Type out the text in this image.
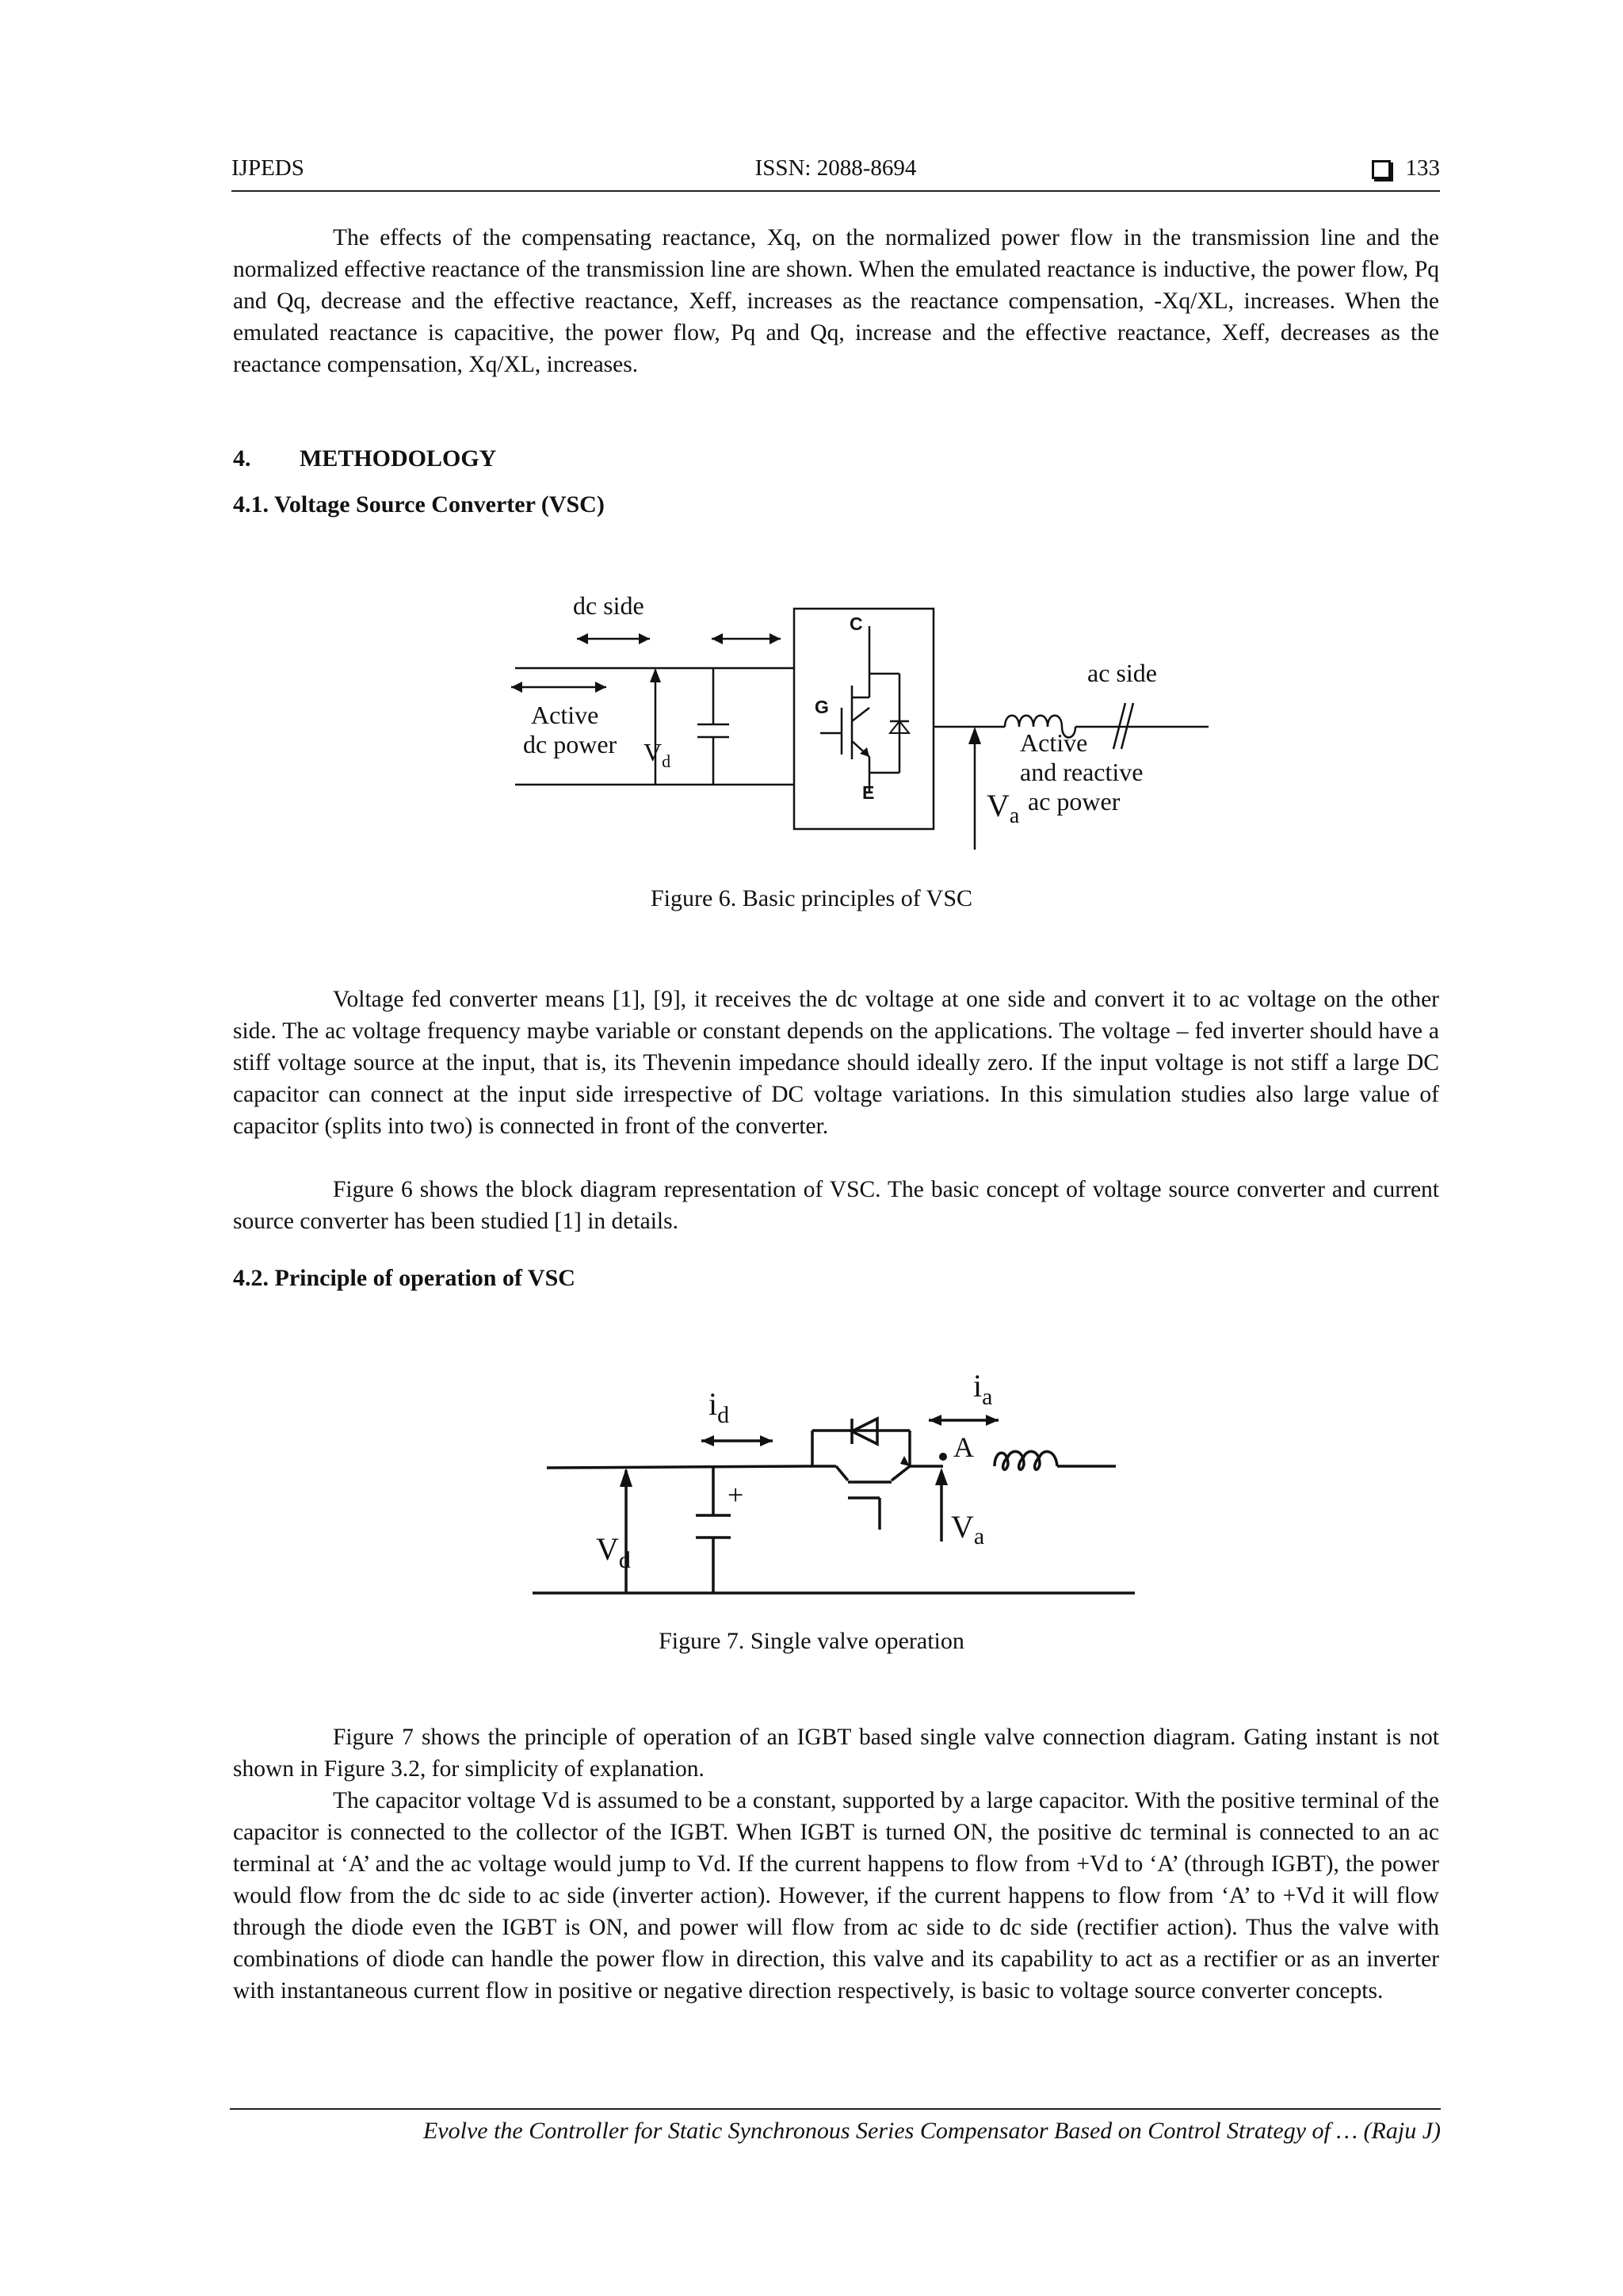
IJPEDS	ISSN: 2088-8694	133

The effects of the compensating reactance, Xq, on the normalized power flow in the transmission line and the normalized effective reactance of the transmission line are shown. When the emulated reactance is inductive, the power flow, Pq and Qq, decrease and the effective reactance, Xeff, increases as the reactance compensation, -Xq/XL, increases. When the emulated reactance is capacitive, the power flow, Pq and Qq, increase and the effective reactance, Xeff, decreases as the reactance compensation, Xq/XL, increases.

4. METHODOLOGY

4.1. Voltage Source Converter (VSC)

dc side
Active
dc power $V_d$
ac side
Active
and reactive
$V_a$
ac power
C
G
E

Figure 6. Basic principles of VSC

Voltage fed converter means [1], [9], it receives the dc voltage at one side and convert it to ac voltage on the other side. The ac voltage frequency maybe variable or constant depends on the applications. The voltage – fed inverter should have a stiff voltage source at the input, that is, its Thevenin impedance should ideally zero. If the input voltage is not stiff a large DC capacitor can connect at the input side irrespective of DC voltage variations. In this simulation studies also large value of capacitor (splits into two) is connected in front of the converter.

Figure 6 shows the block diagram representation of VSC. The basic concept of voltage source converter and current source converter has been studied [1] in details.

4.2. Principle of operation of VSC

$i_d$
$i_a$
A
+
$V_d$
$V_a$

Figure 7. Single valve operation

Figure 7 shows the principle of operation of an IGBT based single valve connection diagram. Gating instant is not shown in Figure 3.2, for simplicity of explanation.

The capacitor voltage Vd is assumed to be a constant, supported by a large capacitor. With the positive terminal of the capacitor is connected to the collector of the IGBT. When IGBT is turned ON, the positive dc terminal is connected to an ac terminal at ‘A’ and the ac voltage would jump to Vd. If the current happens to flow from +Vd to ‘A’ (through IGBT), the power would flow from the dc side to ac side (inverter action). However, if the current happens to flow from ‘A’ to +Vd it will flow through the diode even the IGBT is ON, and power will flow from ac side to dc side (rectifier action). Thus the valve with combinations of diode can handle the power flow in direction, this valve and its capability to act as a rectifier or as an inverter with instantaneous current flow in positive or negative direction respectively, is basic to voltage source converter concepts.

Evolve the Controller for Static Synchronous Series Compensator Based on Control Strategy of … (Raju J)
